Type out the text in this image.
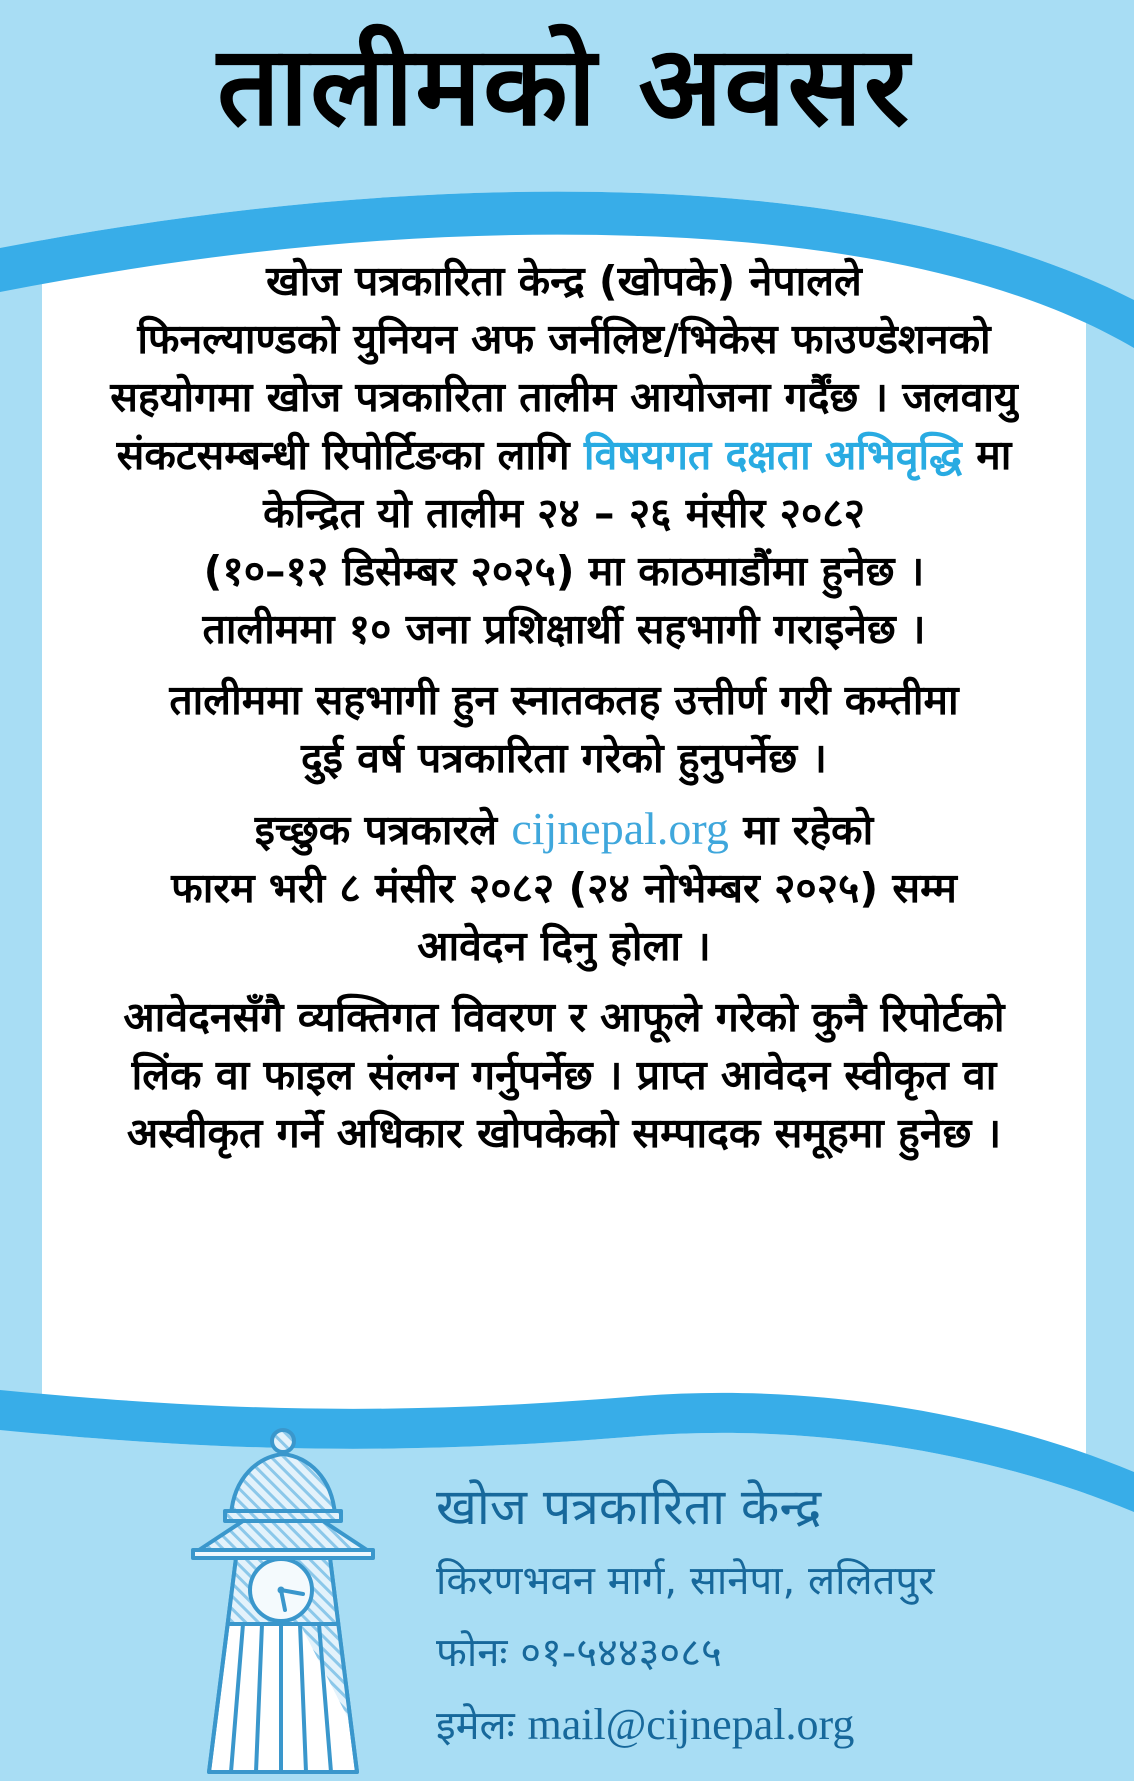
तालीमको अवसर
खोज पत्रकारिता केन्द्र (खोपके) नेपालले
फिनल्याण्डको युनियन अफ जर्नलिष्ट/भिकेस फाउण्डेशनको
सहयोगमा खोज पत्रकारिता तालीम आयोजना गर्दैंछ । जलवायु
संकटसम्बन्धी रिपोर्टिङका लागि विषयगत दक्षता अभिवृद्धि मा
केन्द्रित यो तालीम २४ – २६ मंसीर २०८२
(१०–१२ डिसेम्बर २०२५) मा काठमाडौंमा हुनेछ ।
तालीममा १० जना प्रशिक्षार्थी सहभागी गराइनेछ ।
तालीममा सहभागी हुन स्नातकतह उत्तीर्ण गरी कम्तीमा
दुई वर्ष पत्रकारिता गरेको हुनुपर्नेछ ।
इच्छुक पत्रकारले cijnepal.org मा रहेको
फारम भरी ८ मंसीर २०८२ (२४ नोभेम्बर २०२५) सम्म
आवेदन दिनु होला ।
आवेदनसँगै व्यक्तिगत विवरण र आफूले गरेको कुनै रिपोर्टको
लिंक वा फाइल संलग्न गर्नुपर्नेछ । प्राप्त आवेदन स्वीकृत वा
अस्वीकृत गर्ने अधिकार खोपकेको सम्पादक समूहमा हुनेछ ।
खोज पत्रकारिता केन्द्र
किरणभवन मार्ग, सानेपा, ललितपुर
फोनः ०१-५४४३०८५
इमेलः mail@cijnepal.org
